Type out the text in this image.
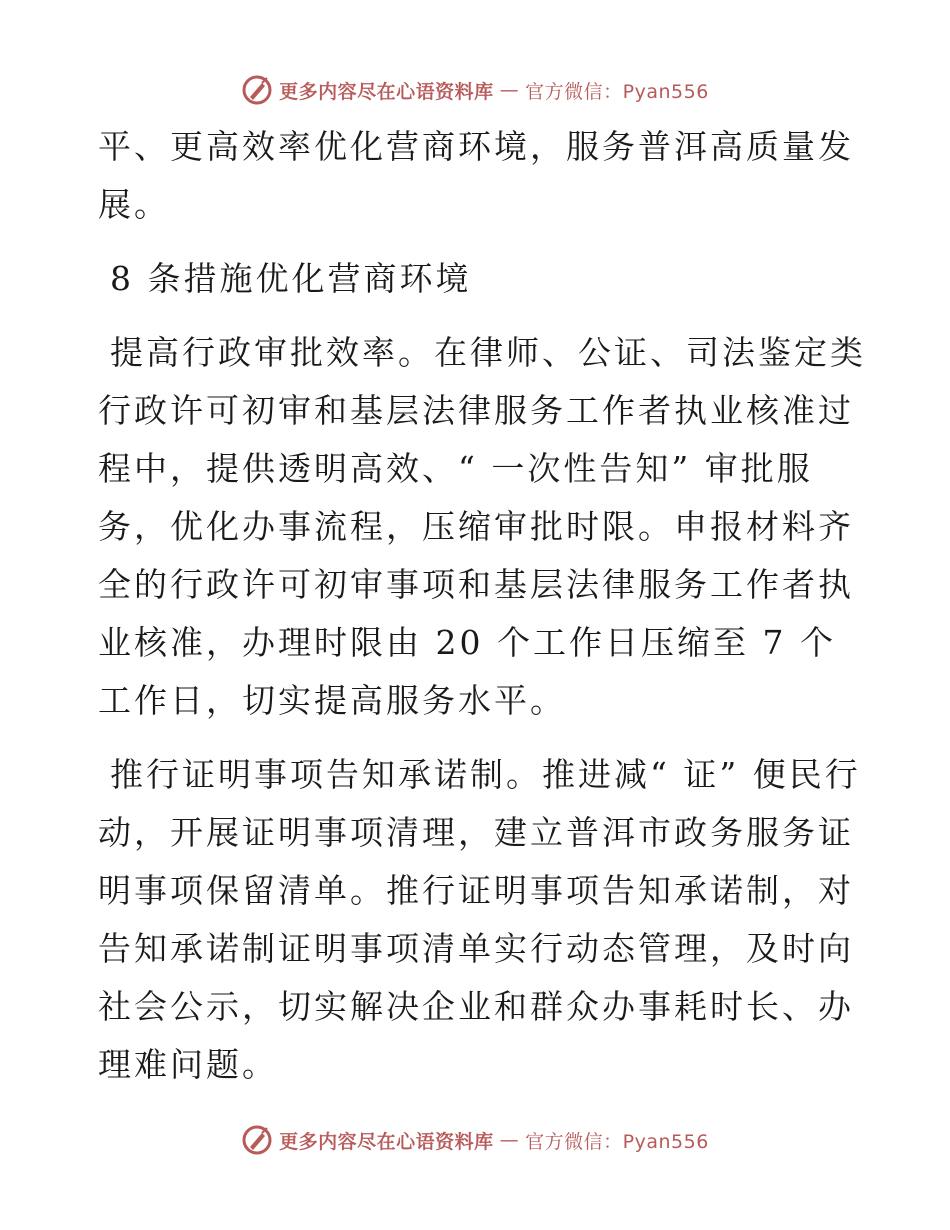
更多内容尽在心语资料库 — 官方微信：Pyan556

平、更高效率优化营商环境，服务普洱高质量发展。

8 条措施优化营商环境

提高行政审批效率。在律师、公证、司法鉴定类行政许可初审和基层法律服务工作者执业核准过程中，提供透明高效、“ 一次性告知” 审批服务，优化办事流程，压缩审批时限。申报材料齐全的行政许可初审事项和基层法律服务工作者执业核准，办理时限由 20 个工作日压缩至 7 个工作日，切实提高服务水平。

推行证明事项告知承诺制。推进减“ 证” 便民行动，开展证明事项清理，建立普洱市政务服务证明事项保留清单。推行证明事项告知承诺制，对告知承诺制证明事项清单实行动态管理，及时向社会公示，切实解决企业和群众办事耗时长、办理难问题。

更多内容尽在心语资料库 — 官方微信：Pyan556
